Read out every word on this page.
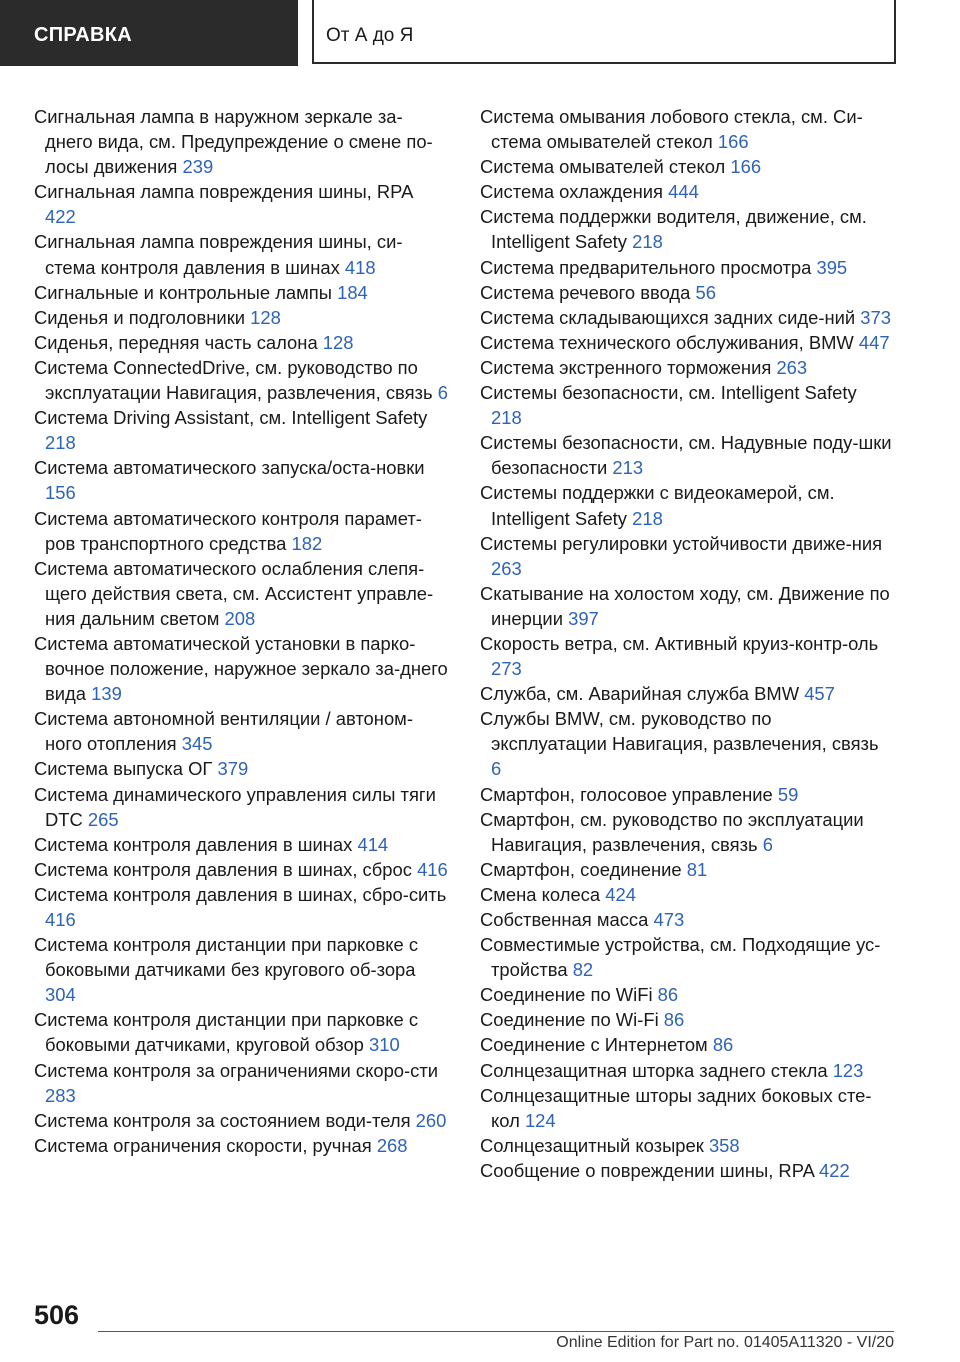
СПРАВКА	От А до Я
Сигнальная лампа в наружном зеркале за-днего вида, см. Предупреждение о смене по-лосы движения 239
Сигнальная лампа повреждения шины, RPA 422
Сигнальная лампа повреждения шины, си-стема контроля давления в шинах 418
Сигнальные и контрольные лампы 184
Сиденья и подголовники 128
Сиденья, передняя часть салона 128
Система ConnectedDrive, см. руководство по эксплуатации Навигация, развлечения, связь 6
Система Driving Assistant, см. Intelligent Safety 218
Система автоматического запуска/оста-новки 156
Система автоматического контроля парамет-ров транспортного средства 182
Система автоматического ослабления слепя-щего действия света, см. Ассистент управле-ния дальним светом 208
Система автоматической установки в парко-вочное положение, наружное зеркало за-днего вида 139
Система автономной вентиляции / автоном-ного отопления 345
Система выпуска ОГ 379
Система динамического управления силы тяги DTC 265
Система контроля давления в шинах 414
Система контроля давления в шинах, сброс 416
Система контроля давления в шинах, сбро-сить 416
Система контроля дистанции при парковке с боковыми датчиками без кругового об-зора 304
Система контроля дистанции при парковке с боковыми датчиками, круговой обзор 310
Система контроля за ограничениями скоро-сти 283
Система контроля за состоянием води-теля 260
Система ограничения скорости, ручная 268
Система омывания лобового стекла, см. Си-стема омывателей стекол 166
Система омывателей стекол 166
Система охлаждения 444
Система поддержки водителя, движение, см. Intelligent Safety 218
Система предварительного просмотра 395
Система речевого ввода 56
Система складывающихся задних сиде-ний 373
Система технического обслуживания, BMW 447
Система экстренного торможения 263
Системы безопасности, см. Intelligent Safety 218
Системы безопасности, см. Надувные поду-шки безопасности 213
Системы поддержки с видеокамерой, см. Intelligent Safety 218
Системы регулировки устойчивости движе-ния 263
Скатывание на холостом ходу, см. Движение по инерции 397
Скорость ветра, см. Активный круиз-контр-оль 273
Служба, см. Аварийная служба BMW 457
Службы BMW, см. руководство по эксплуатации Навигация, развлечения, связь 6
Смартфон, голосовое управление 59
Смартфон, см. руководство по эксплуатации Навигация, развлечения, связь 6
Смартфон, соединение 81
Смена колеса 424
Собственная масса 473
Совместимые устройства, см. Подходящие ус-тройства 82
Соединение по WiFi 86
Соединение по Wi-Fi 86
Соединение с Интернетом 86
Солнцезащитная шторка заднего стекла 123
Солнцезащитные шторы задних боковых сте-кол 124
Солнцезащитный козырек 358
Сообщение о повреждении шины, RPA 422
506
Online Edition for Part no. 01405A11320 - VI/20
